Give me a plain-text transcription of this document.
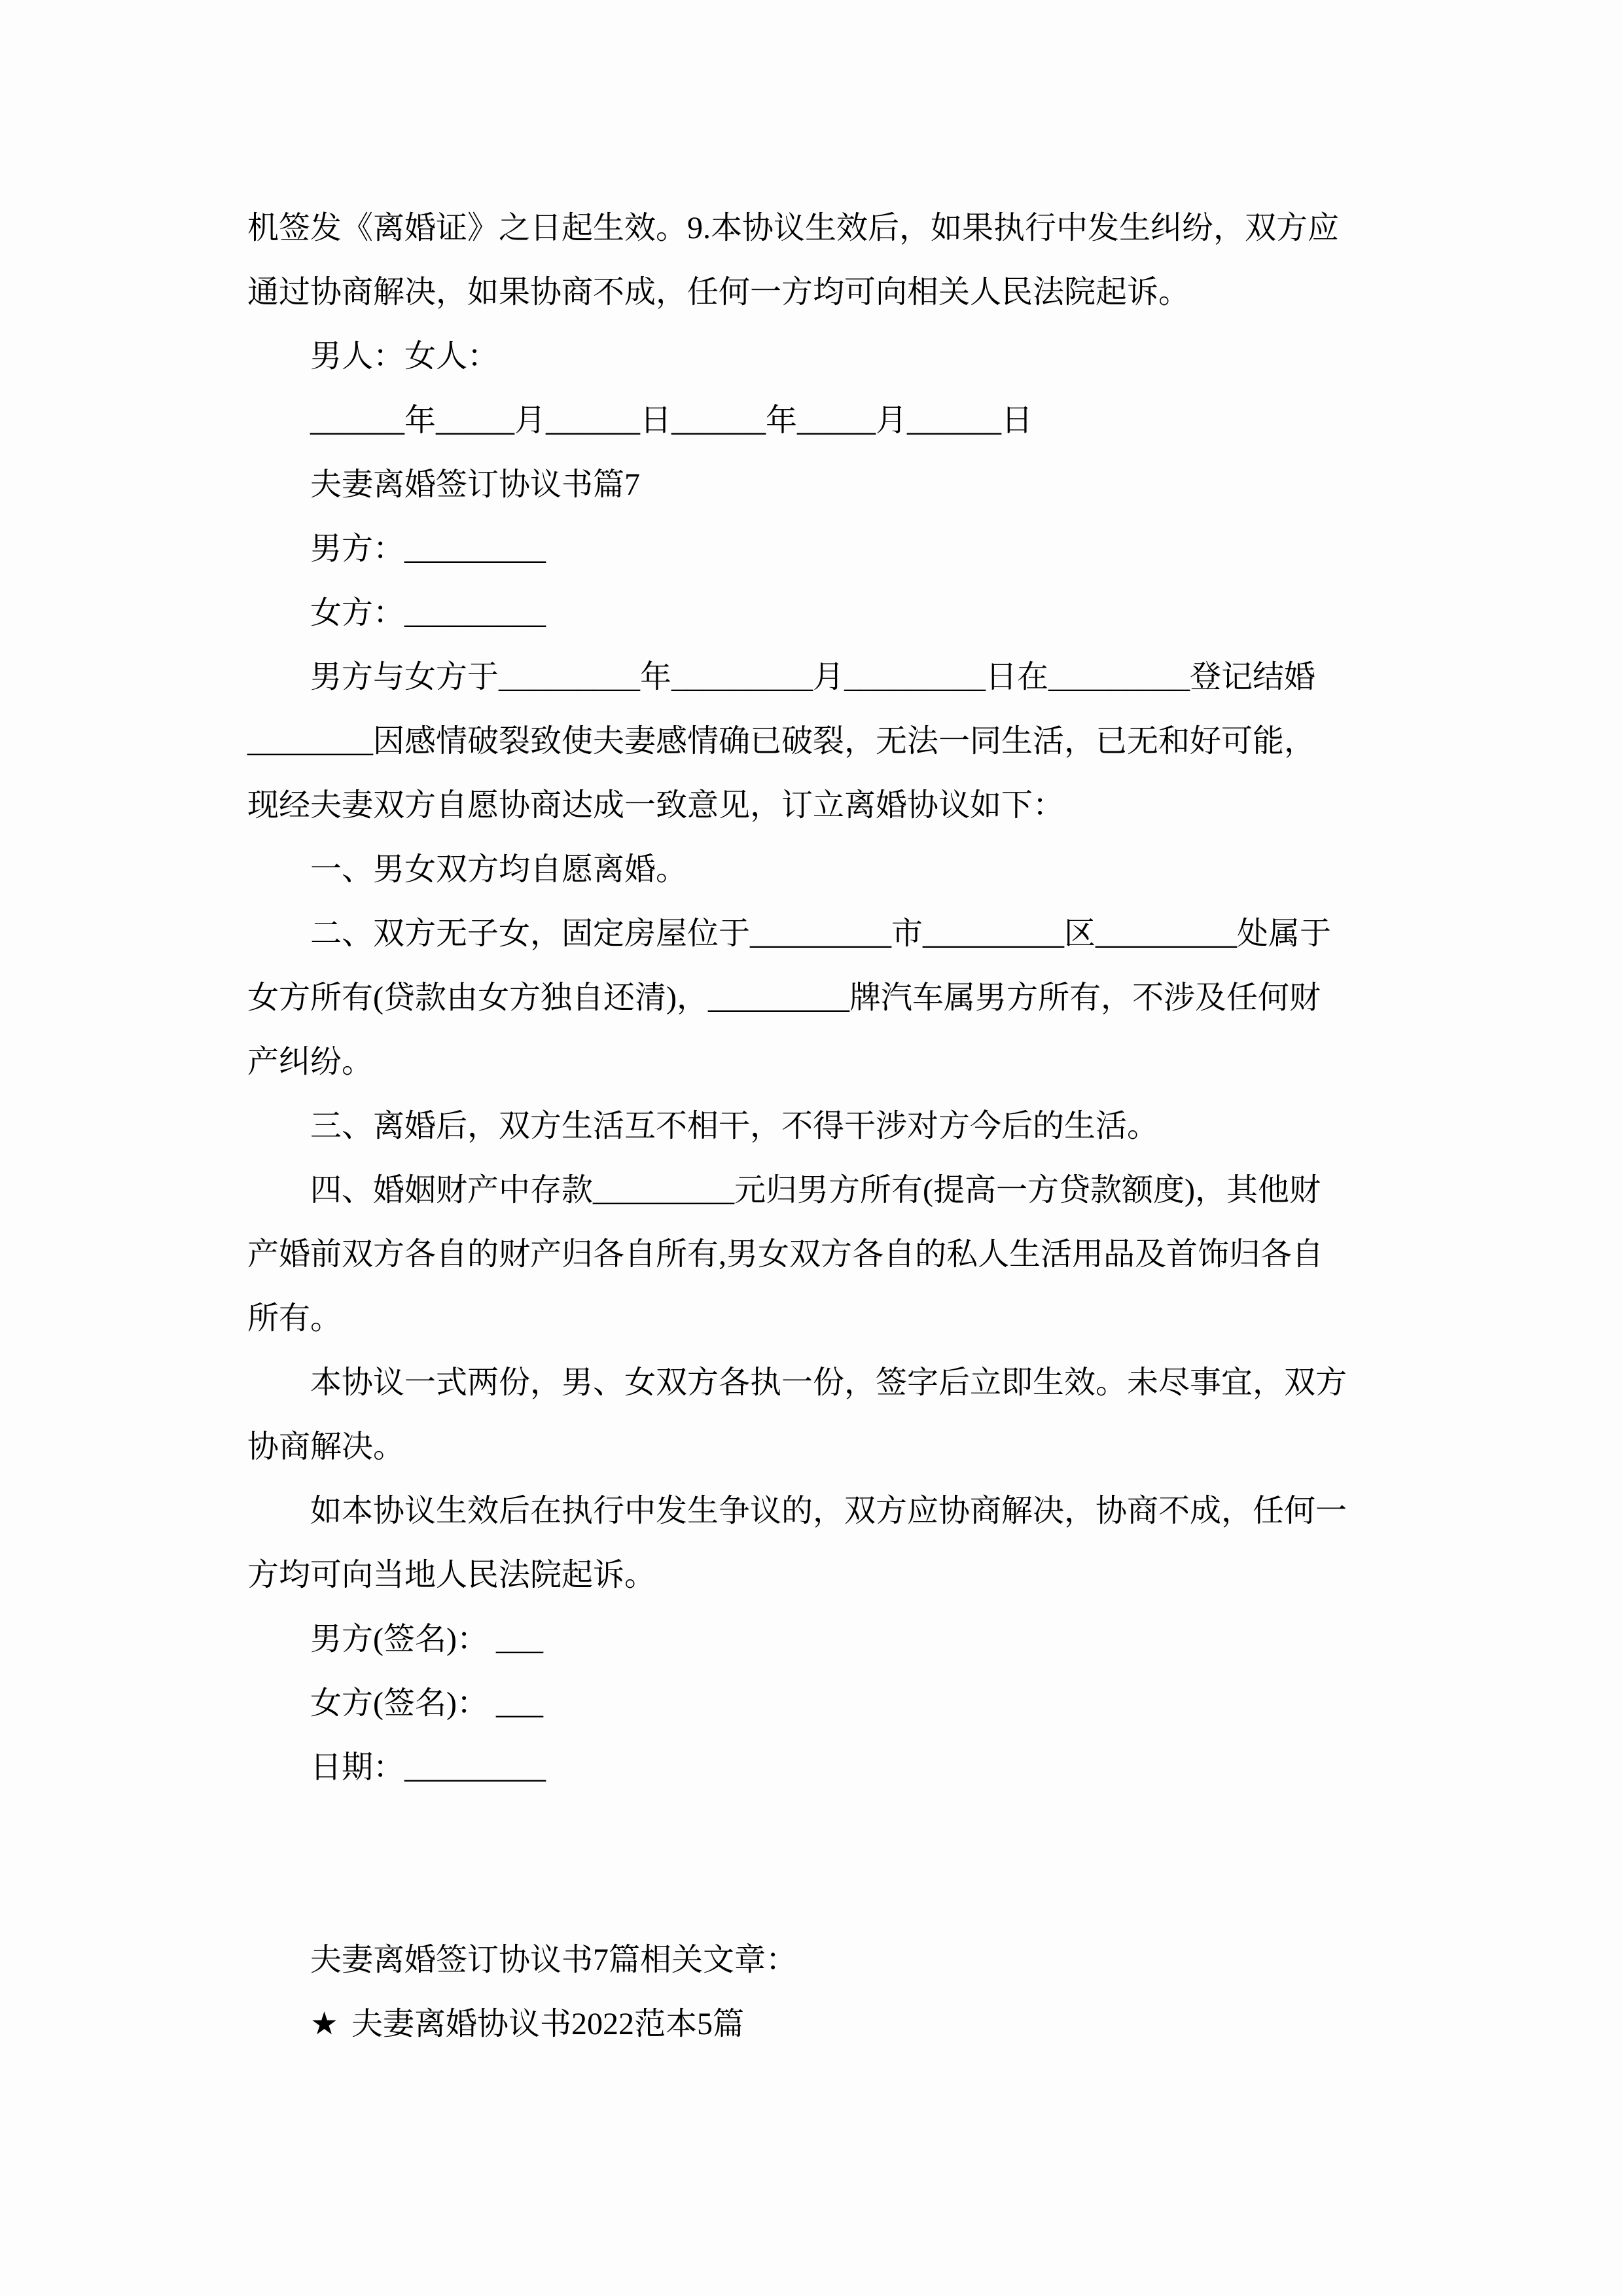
机签发《离婚证》之日起生效。9.本协议生效后，如果执行中发生纠纷，双方应

通过协商解决，如果协商不成，任何一方均可向相关人民法院起诉。

男人：女人：

______年_____月______日______年_____月______日

夫妻离婚签订协议书篇7

男方：_________

女方：_________

男方与女方于_________年_________月_________日在_________登记结婚

________因感情破裂致使夫妻感情确已破裂，无法一同生活，已无和好可能，

现经夫妻双方自愿协商达成一致意见，订立离婚协议如下：

一、男女双方均自愿离婚。

二、双方无子女，固定房屋位于_________市_________区_________处属于

女方所有(贷款由女方独自还清)，_________牌汽车属男方所有，不涉及任何财

产纠纷。

三、离婚后，双方生活互不相干，不得干涉对方今后的生活。

四、婚姻财产中存款_________元归男方所有(提高一方贷款额度)，其他财

产婚前双方各自的财产归各自所有,男女双方各自的私人生活用品及首饰归各自

所有。

本协议一式两份，男、女双方各执一份，签字后立即生效。未尽事宜，双方

协商解决。

如本协议生效后在执行中发生争议的，双方应协商解决，协商不成，任何一

方均可向当地人民法院起诉。

男方(签名)： ___

女方(签名)： ___

日期：_________

夫妻离婚签订协议书7篇相关文章：

★ 夫妻离婚协议书2022范本5篇
